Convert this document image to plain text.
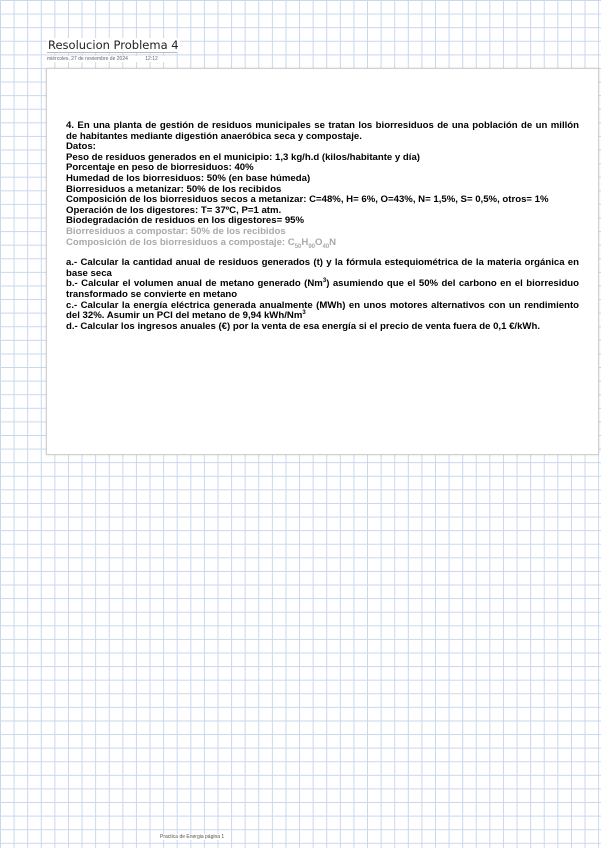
Resolucion Problema 4
miércoles, 27 de noviembre de 2024	12:12

4. En una planta de gestión de residuos municipales se tratan los biorresiduos de una población de un millón de habitantes mediante digestión anaeróbica seca y compostaje.

Datos:

Peso de residuos generados en el municipio: 1,3 kg/h.d (kilos/habitante y día)

Porcentaje en peso de biorresiduos: 40%

Humedad de los biorresiduos: 50% (en base húmeda)

Biorresiduos a metanizar: 50% de los recibidos

Composición de los biorresiduos secos a metanizar: C=48%, H= 6%, O=43%, N= 1,5%, S= 0,5%, otros= 1%

Operación de los digestores: T= 37ºC, P=1 atm.

Biodegradación de residuos en los digestores= 95%

Biorresiduos a compostar: 50% de los recibidos

Composición de los biorresiduos a compostaje: $C_{50}H_{90}O_{40}N$

a.- Calcular la cantidad anual de residuos generados (t) y la fórmula estequiométrica de la materia orgánica en base seca

b.- Calcular el volumen anual de metano generado (Nm$^3$) asumiendo que el 50% del carbono en el biorresiduo transformado se convierte en metano

c.- Calcular la energía eléctrica generada anualmente (MWh) en unos motores alternativos con un rendimiento del 32%. Asumir un PCI del metano de 9,94 kWh/Nm$^3$

d.- Calcular los ingresos anuales (€) por la venta de esa energía si el precio de venta fuera de 0,1 €/kWh.

Practica de Energia página 1
